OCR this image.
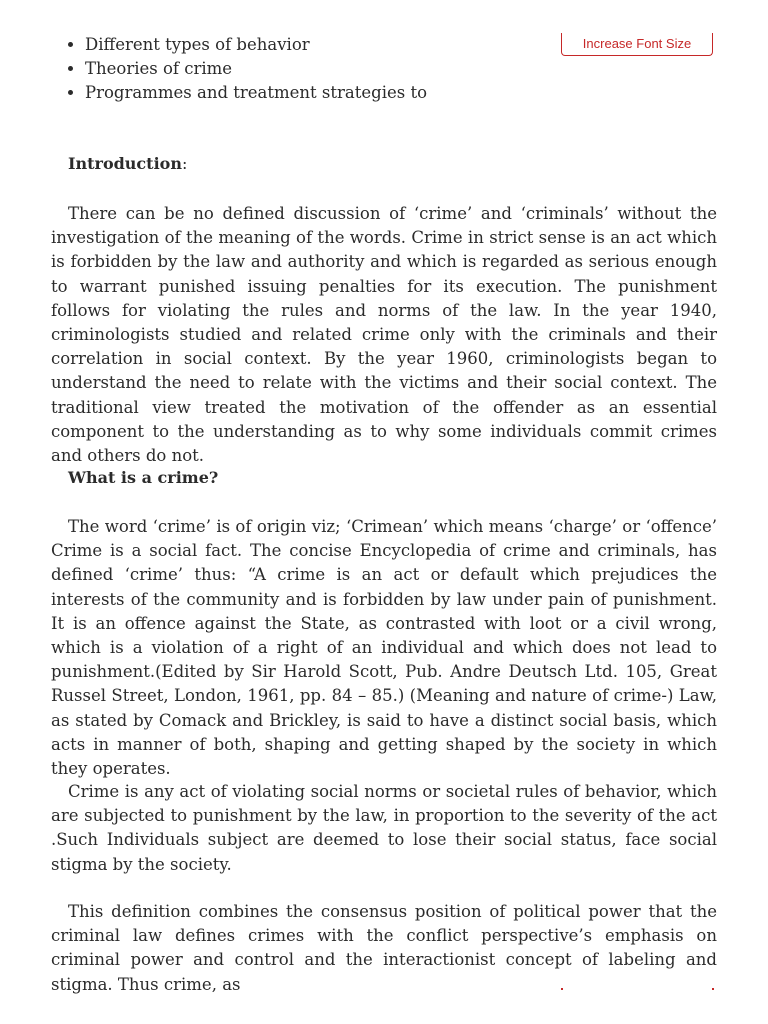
Increase Font Size
• Different types of behavior
• Theories of crime
• Programmes and treatment strategies to

Introduction:

There can be no defined discussion of ‘crime’ and ‘criminals’ without the investigation of the meaning of the words. Crime in strict sense is an act which is forbidden by the law and authority and which is regarded as serious enough to warrant punished issuing penalties for its execution. The punishment follows for violating the rules and norms of the law. In the year 1940, criminologists studied and related crime only with the criminals and their correlation in social context. By the year 1960, criminologists began to understand the need to relate with the victims and their social context. The traditional view treated the motivation of the offender as an essential component to the understanding as to why some individuals commit crimes and others do not.

What is a crime?

The word ‘crime’ is of origin viz; ‘Crimean’ which means ‘charge’ or ‘offence’ Crime is a social fact. The concise Encyclopedia of crime and criminals, has defined ‘crime’ thus: “A crime is an act or default which prejudices the interests of the community and is forbidden by law under pain of punishment. It is an offence against the State, as contrasted with loot or a civil wrong, which is a violation of a right of an individual and which does not lead to punishment.(Edited by Sir Harold Scott, Pub. Andre Deutsch Ltd. 105, Great Russel Street, London, 1961, pp. 84 – 85.) (Meaning and nature of crime-) Law, as stated by Comack and Brickley, is said to have a distinct social basis, which acts in manner of both, shaping and getting shaped by the society in which they operates.

Crime is any act of violating social norms or societal rules of behavior, which are subjected to punishment by the law, in proportion to the severity of the act .Such Individuals subject are deemed to lose their social status, face social stigma by the society.

This definition combines the consensus position of political power that the criminal law defines crimes with the conflict perspective’s emphasis on criminal power and control and the interactionist concept of labeling and stigma. Thus crime, as
